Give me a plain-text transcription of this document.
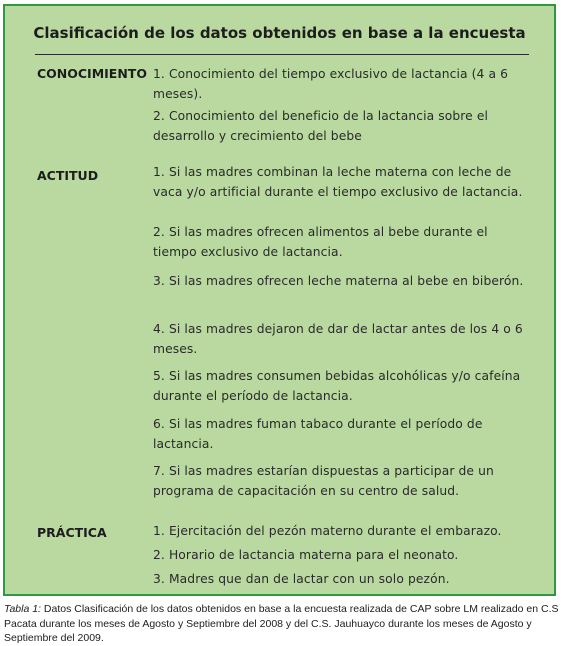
Clasificación de los datos obtenidos en base a la encuesta
CONOCIMIENTO 1. Conocimiento del tiempo exclusivo de lactancia (4 a 6 meses).
2. Conocimiento del beneficio de la lactancia sobre el desarrollo y crecimiento del bebe
ACTITUD	1. Si las madres combinan la leche materna con leche de vaca y/o artificial durante el tiempo exclusivo de lactancia.
2. Si las madres ofrecen alimentos al bebe durante el tiempo exclusivo de lactancia.
3. Si las madres ofrecen leche materna al bebe en biberón.
4. Si las madres dejaron de dar de lactar antes de los 4 o 6 meses.
5. Si las madres consumen bebidas alcohólicas y/o cafeína durante el período de lactancia.
6. Si las madres fuman tabaco durante el período de lactancia.
7. Si las madres estarían dispuestas a participar de un programa de capacitación en su centro de salud.
PRÁCTICA	1. Ejercitación del pezón materno durante el embarazo.
2. Horario de lactancia materna para el neonato.
3. Madres que dan de lactar con un solo pezón.
Tabla 1: Datos Clasificación de los datos obtenidos en base a la encuesta realizada de CAP sobre LM realizado en C.S Pacata durante los meses de Agosto y Septiembre del 2008 y del C.S. Jauhuayco durante los meses de Agosto y Septiembre del 2009.
